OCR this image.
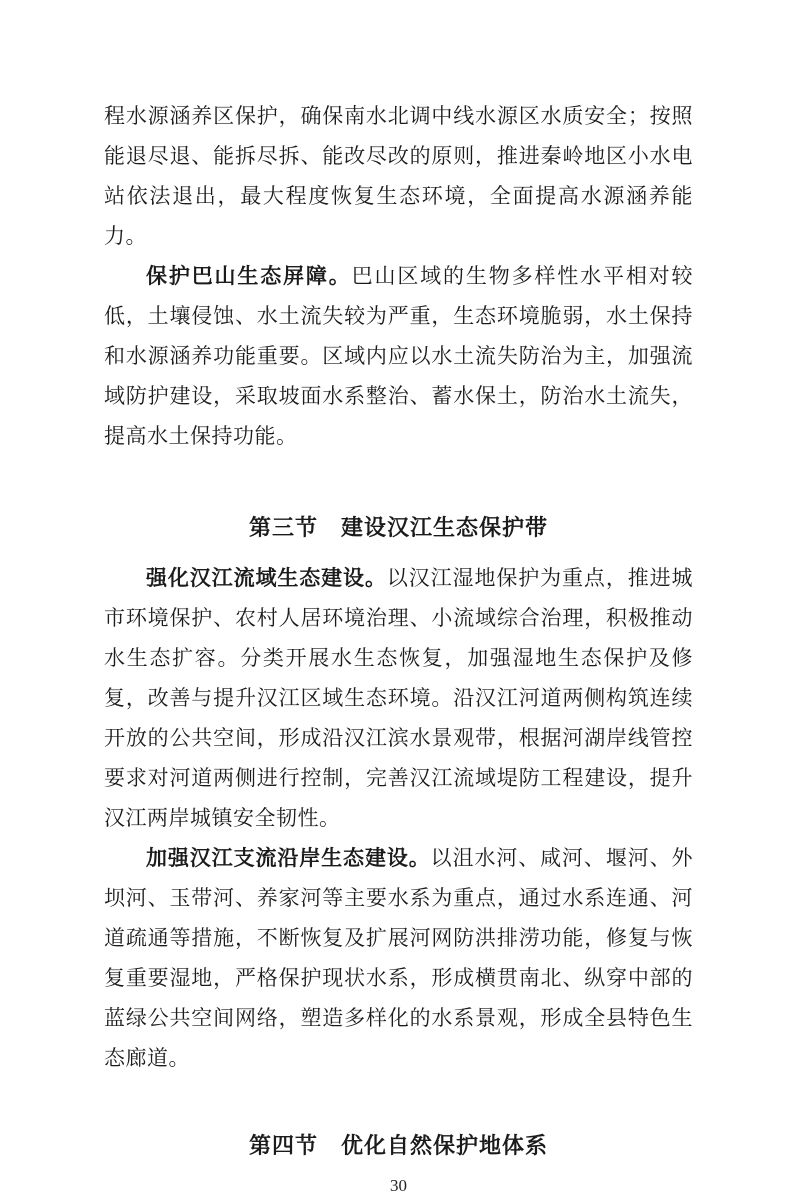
程水源涵养区保护，确保南水北调中线水源区水质安全；按照能退尽退、能拆尽拆、能改尽改的原则，推进秦岭地区小水电站依法退出，最大程度恢复生态环境，全面提高水源涵养能力。

保护巴山生态屏障。巴山区域的生物多样性水平相对较低，土壤侵蚀、水土流失较为严重，生态环境脆弱，水土保持和水源涵养功能重要。区域内应以水土流失防治为主，加强流域防护建设，采取坡面水系整治、蓄水保土，防治水土流失，提高水土保持功能。

第三节　建设汉江生态保护带

强化汉江流域生态建设。以汉江湿地保护为重点，推进城市环境保护、农村人居环境治理、小流域综合治理，积极推动水生态扩容。分类开展水生态恢复，加强湿地生态保护及修复，改善与提升汉江区域生态环境。沿汉江河道两侧构筑连续开放的公共空间，形成沿汉江滨水景观带，根据河湖岸线管控要求对河道两侧进行控制，完善汉江流域堤防工程建设，提升汉江两岸城镇安全韧性。

加强汉江支流沿岸生态建设。以沮水河、咸河、堰河、外坝河、玉带河、养家河等主要水系为重点，通过水系连通、河道疏通等措施，不断恢复及扩展河网防洪排涝功能，修复与恢复重要湿地，严格保护现状水系，形成横贯南北、纵穿中部的蓝绿公共空间网络，塑造多样化的水系景观，形成全县特色生态廊道。

第四节　优化自然保护地体系
30
